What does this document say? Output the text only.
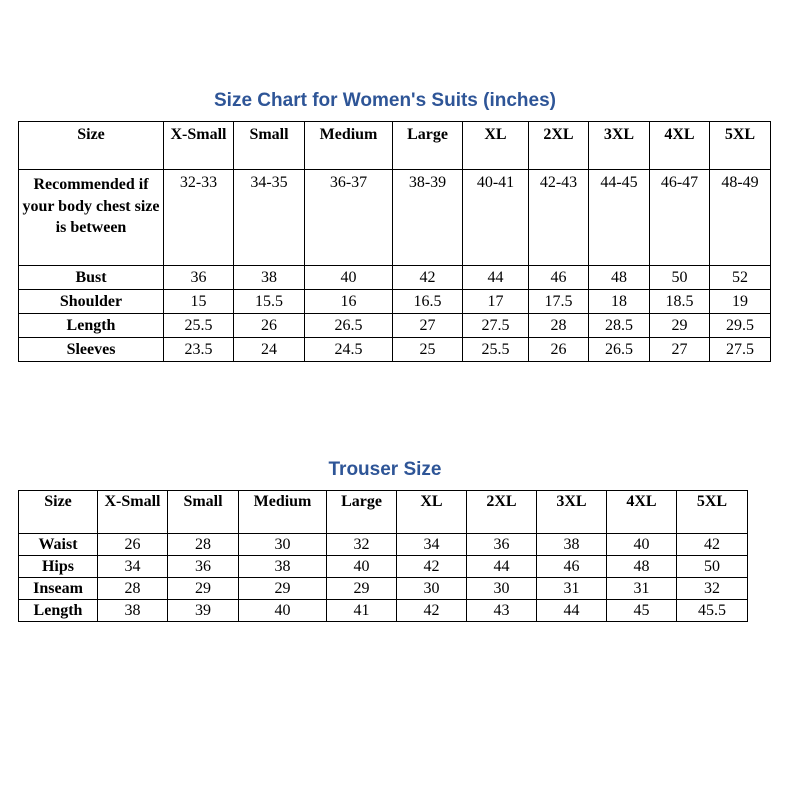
Size Chart for Women's Suits (inches)
Size	X-Small	Small	Medium	Large	XL	2XL	3XL	4XL	5XL
Recommended if your body chest size is between	32-33	34-35	36-37	38-39	40-41	42-43	44-45	46-47	48-49
Bust	36	38	40	42	44	46	48	50	52
Shoulder	15	15.5	16	16.5	17	17.5	18	18.5	19
Length	25.5	26	26.5	27	27.5	28	28.5	29	29.5
Sleeves	23.5	24	24.5	25	25.5	26	26.5	27	27.5
Trouser Size
Size	X-Small	Small	Medium	Large	XL	2XL	3XL	4XL	5XL
Waist	26	28	30	32	34	36	38	40	42
Hips	34	36	38	40	42	44	46	48	50
Inseam	28	29	29	29	30	30	31	31	32
Length	38	39	40	41	42	43	44	45	45.5
